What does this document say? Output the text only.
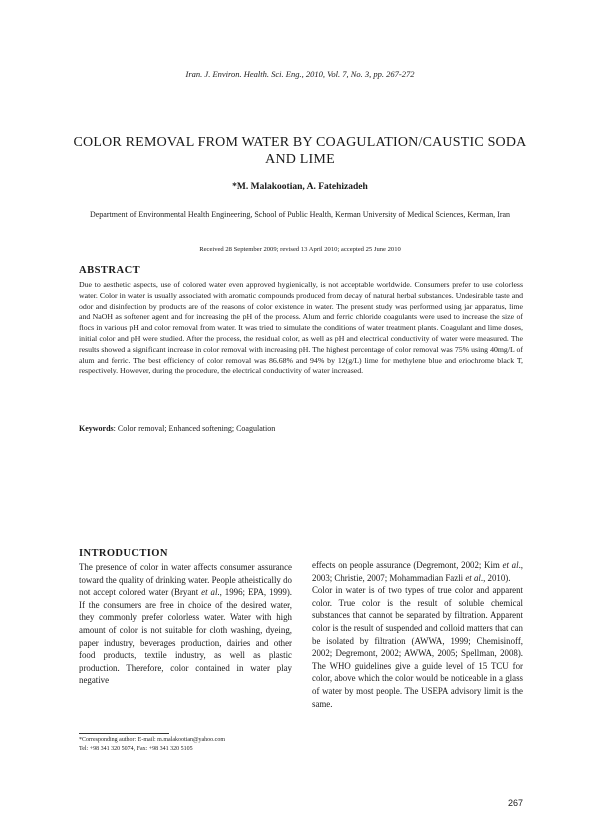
Iran. J. Environ. Health. Sci. Eng., 2010, Vol. 7, No. 3, pp. 267-272
COLOR REMOVAL FROM WATER BY COAGULATION/CAUSTIC SODA AND LIME
*M. Malakootian, A. Fatehizadeh
Department of Environmental Health Engineering, School of Public Health, Kerman University of Medical Sciences, Kerman, Iran
Received 28 September 2009; revised 13 April 2010; accepted 25 June 2010
ABSTRACT
Due to aesthetic aspects, use of colored water even approved hygienically, is not acceptable worldwide. Consumers prefer to use colorless water. Color in water is usually associated with aromatic compounds produced from decay of natural herbal substances. Undesirable taste and odor and disinfection by products are of the reasons of color existence in water. The present study was performed using jar apparatus, lime and NaOH as softener agent and for increasing the pH of the process. Alum and ferric chloride coagulants were used to increase the size of flocs in various pH and color removal from water. It was tried to simulate the conditions of water treatment plants. Coagulant and lime doses, initial color and pH were studied. After the process, the residual color, as well as pH and electrical conductivity of water were measured. The results showed a significant increase in color removal with increasing pH. The highest percentage of color removal was 75% using 40mg/L of alum and ferric. The best efficiency of color removal was 86.68% and 94% by 12(g/L) lime for methylene blue and eriochrome black T, respectively. However, during the procedure, the electrical conductivity of water increased.
Keywords: Color removal; Enhanced softening; Coagulation
INTRODUCTION

The presence of color in water affects consumer assurance toward the quality of drinking water. People atheistically do not accept colored water (Bryant et al., 1996; EPA, 1999). If the consumers are free in choice of the desired water, they commonly prefer colorless water. Water with high amount of color is not suitable for cloth washing, dyeing, paper industry, beverages production, dairies and other food products, textile industry, as well as plastic production. Therefore, color contained in water play negative

effects on people assurance (Degremont, 2002; Kim et al., 2003; Christie, 2007; Mohammadian Fazli et al., 2010).

Color in water is of two types of true color and apparent color. True color is the result of soluble chemical substances that cannot be separated by filtration. Apparent color is the result of suspended and colloid matters that can be isolated by filtration (AWWA, 1999; Chemisinoff, 2002; Degremont, 2002; AWWA, 2005; Spellman, 2008). The WHO guidelines give a guide level of 15 TCU for color, above which the color would be noticeable in a glass of water by most people. The USEPA advisory limit is the same.

*Corresponding author: E-mail: m.malakootian@yahoo.com
Tel: +98 341 320 5074, Fax: +98 341 320 5105
267
